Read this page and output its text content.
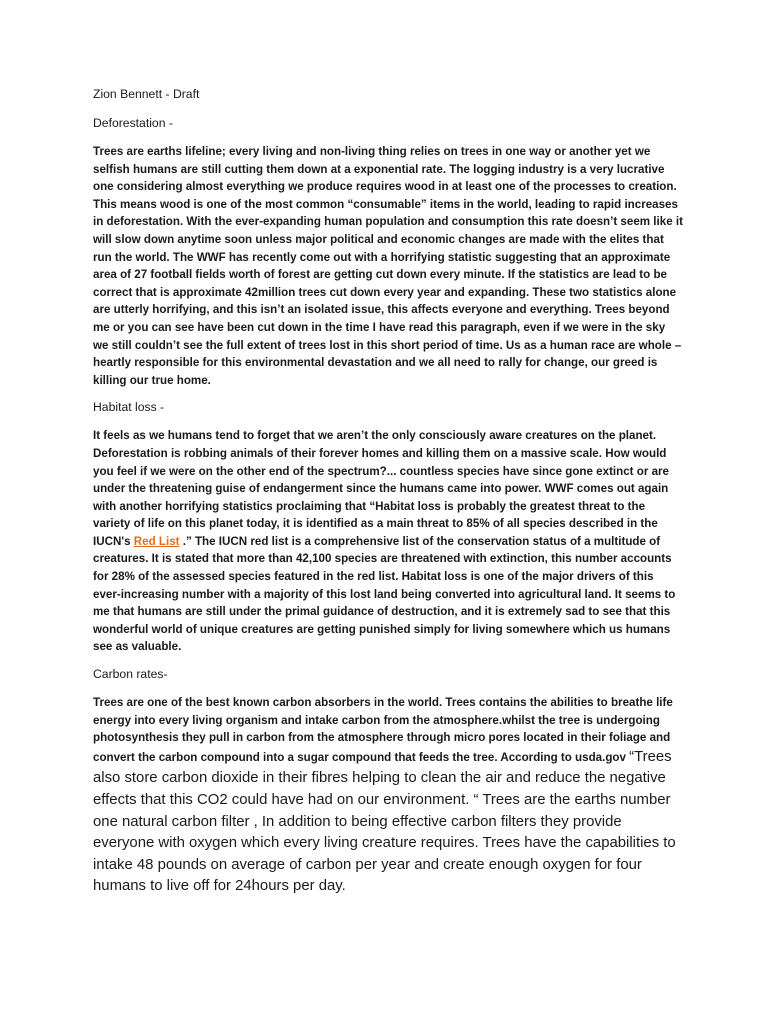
Zion Bennett - Draft

Deforestation -

Trees are earths lifeline; every living and non-living thing relies on trees in one way or another yet we selfish humans are still cutting them down at a exponential rate. The logging industry is a very lucrative one considering almost everything we produce requires wood in at least one of the processes to creation. This means wood is one of the most common “consumable” items in the world, leading to rapid increases in deforestation. With the ever-expanding human population and consumption this rate doesn’t seem like it will slow down anytime soon unless major political and economic changes are made with the elites that run the world. The WWF has recently come out with a horrifying statistic suggesting that an approximate area of 27 football fields worth of forest are getting cut down every minute. If the statistics are lead to be correct that is approximate 42million trees cut down every year and expanding. These two statistics alone are utterly horrifying, and this isn’t an isolated issue, this affects everyone and everything. Trees beyond me or you can see have been cut down in the time I have read this paragraph, even if we were in the sky we still couldn’t see the full extent of trees lost in this short period of time. Us as a human race are whole – heartly responsible for this environmental devastation and we all need to rally for change, our greed is killing our true home.

Habitat loss -

It feels as we humans tend to forget that we aren’t the only consciously aware creatures on the planet. Deforestation is robbing animals of their forever homes and killing them on a massive scale. How would you feel if we were on the other end of the spectrum?... countless species have since gone extinct or are under the threatening guise of endangerment since the humans came into power. WWF comes out again with another horrifying statistics proclaiming that “Habitat loss is probably the greatest threat to the variety of life on this planet today, it is identified as a main threat to 85% of all species described in the IUCN's Red List .” The IUCN red list is a comprehensive list of the conservation status of a multitude of creatures. It is stated that more than 42,100 species are threatened with extinction, this number accounts for 28% of the assessed species featured in the red list. Habitat loss is one of the major drivers of this ever-increasing number with a majority of this lost land being converted into agricultural land. It seems to me that humans are still under the primal guidance of destruction, and it is extremely sad to see that this wonderful world of unique creatures are getting punished simply for living somewhere which us humans see as valuable.

Carbon rates-

Trees are one of the best known carbon absorbers in the world. Trees contains the abilities to breathe life energy into every living organism and intake carbon from the atmosphere.whilst the tree is undergoing photosynthesis they pull in carbon from the atmosphere through micro pores located in their foliage and convert the carbon compound into a sugar compound that feeds the tree. According to usda.gov “Trees also store carbon dioxide in their fibres helping to clean the air and reduce the negative effects that this CO2 could have had on our environment. “ Trees are the earths number one natural carbon filter , In addition to being effective carbon filters they provide everyone with oxygen which every living creature requires. Trees have the capabilities to intake 48 pounds on average of carbon per year and create enough oxygen for four humans to live off for 24hours per day.
